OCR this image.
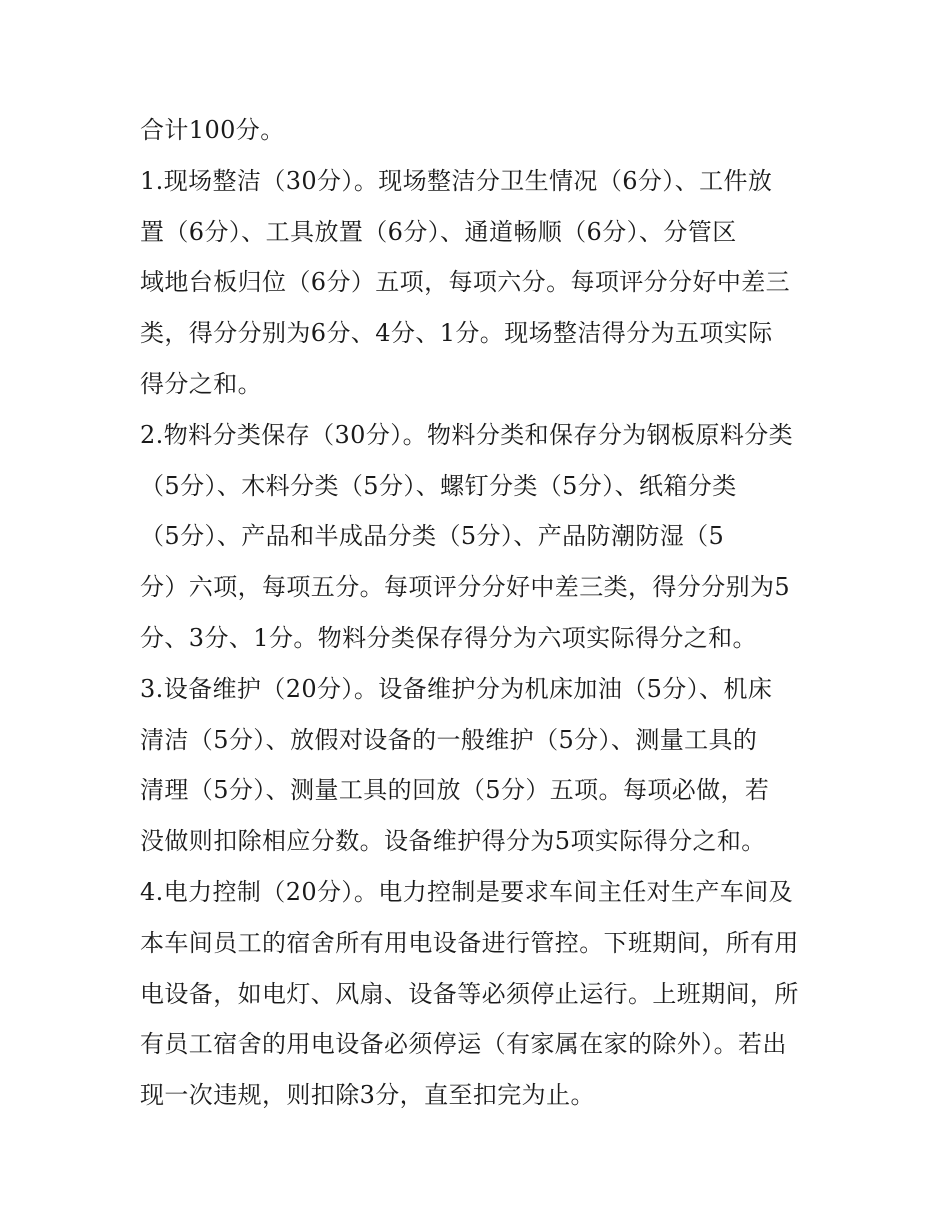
合计100分。
1.现场整洁（30分）。现场整洁分卫生情况（6分）、工件放
置（6分）、工具放置（6分）、通道畅顺（6分）、分管区
域地台板归位（6分）五项，每项六分。每项评分分好中差三
类，得分分别为6分、4分、1分。现场整洁得分为五项实际
得分之和。
2.物料分类保存（30分）。物料分类和保存分为钢板原料分类
（5分）、木料分类（5分）、螺钉分类（5分）、纸箱分类
（5分）、产品和半成品分类（5分）、产品防潮防湿（5
分）六项，每项五分。每项评分分好中差三类，得分分别为5
分、3分、1分。物料分类保存得分为六项实际得分之和。
3.设备维护（20分）。设备维护分为机床加油（5分）、机床
清洁（5分）、放假对设备的一般维护（5分）、测量工具的
清理（5分）、测量工具的回放（5分）五项。每项必做，若
没做则扣除相应分数。设备维护得分为5项实际得分之和。
4.电力控制（20分）。电力控制是要求车间主任对生产车间及
本车间员工的宿舍所有用电设备进行管控。下班期间，所有用
电设备，如电灯、风扇、设备等必须停止运行。上班期间，所
有员工宿舍的用电设备必须停运（有家属在家的除外）。若出
现一次违规，则扣除3分，直至扣完为止。
